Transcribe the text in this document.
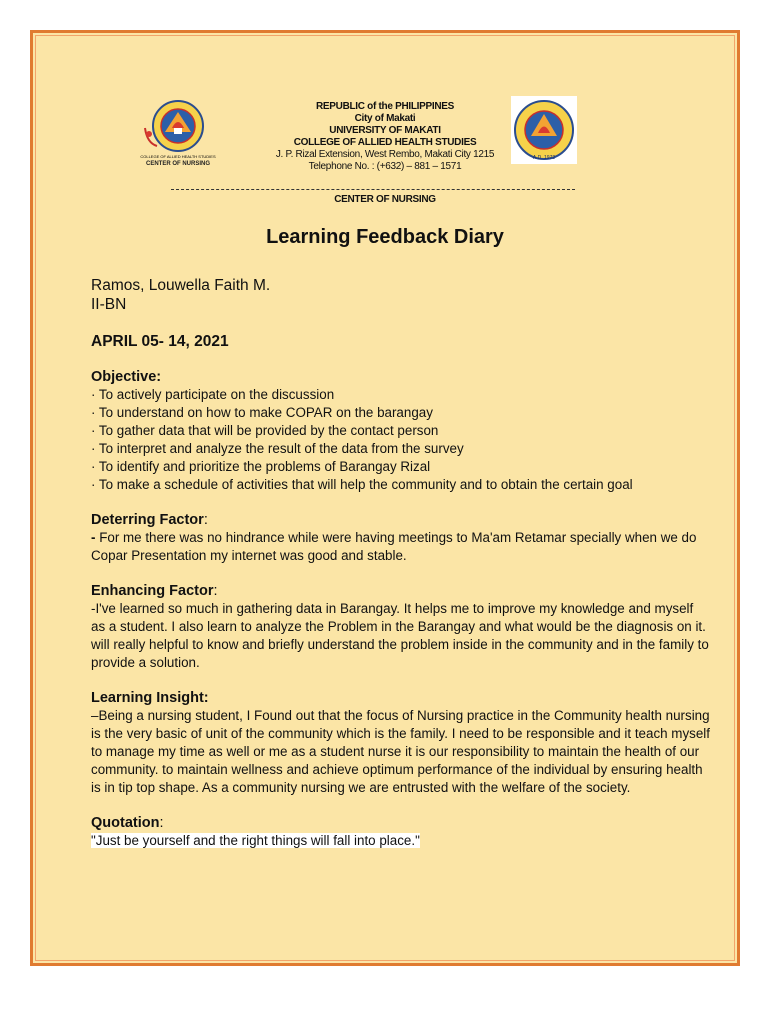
COLLEGE OF ALLIED HEALTH STUDIES
CENTER OF NURSING
A.D. 1972
REPUBLIC of the PHILIPPINES
City of Makati
UNIVERSITY OF MAKATI
COLLEGE OF ALLIED HEALTH STUDIES
J. P. Rizal Extension, West Rembo, Makati City 1215
Telephone No. : (+632) – 881 – 1571
CENTER OF NURSING
Learning Feedback Diary
Ramos, Louwella Faith M.
II-BN
APRIL 05- 14, 2021
Objective:
· To actively participate on the discussion
· To understand on how to make COPAR on the barangay
· To gather data that will be provided by the contact person
· To interpret and analyze the result of the data from the survey
· To identify and prioritize the problems of Barangay Rizal
· To make a schedule of activities that will help the community and to obtain the certain goal
Deterring Factor:

- For me there was no hindrance while were having meetings to Ma'am Retamar specially when we do Copar Presentation my internet was good and stable.

Enhancing Factor:

-I've learned so much in gathering data in Barangay. It helps me to improve my knowledge and myself as a student. I also learn to analyze the Problem in the Barangay and what would be the diagnosis on it. will really helpful to know and briefly understand the problem inside in the community and in the family to provide a solution.

Learning Insight:

–Being a nursing student, I Found out that the focus of Nursing practice in the Community health nursing is the very basic of unit of the community which is the family. I need to be responsible and it teach myself to manage my time as well or me as a student nurse it is our responsibility to maintain the health of our community. to maintain wellness and achieve optimum performance of the individual by ensuring health is in tip top shape. As a community nursing we are entrusted with the welfare of the society.

Quotation:

"Just be yourself and the right things will fall into place."
